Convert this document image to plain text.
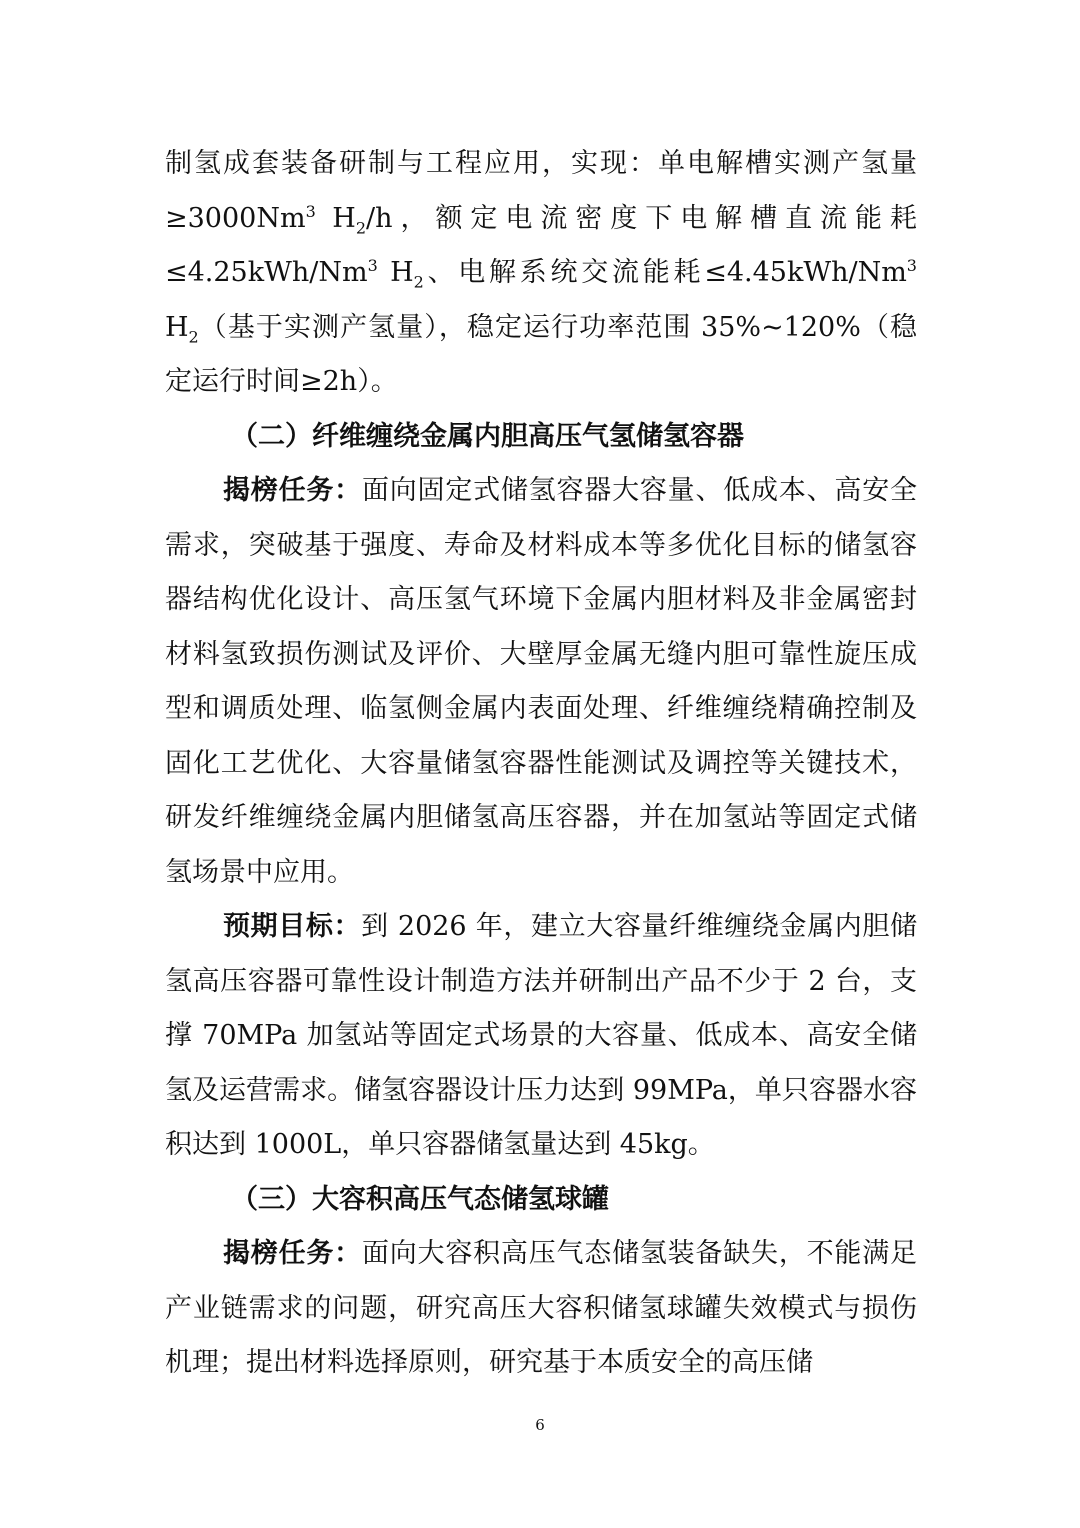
制氢成套装备研制与工程应用，实现：单电解槽实测产氢量$\ge 3000Nm^3$ $H_2/h$，额定电流密度下电解槽直流能耗$\le 4.25kWh/Nm^3$ $H_2$、电解系统交流能耗$\le 4.45kWh/Nm^3$ $H_2$（基于实测产氢量），稳定运行功率范围 35%~120%（稳定运行时间≥2h）。

（二）纤维缠绕金属内胆高压气氢储氢容器

揭榜任务：面向固定式储氢容器大容量、低成本、高安全需求，突破基于强度、寿命及材料成本等多优化目标的储氢容器结构优化设计、高压氢气环境下金属内胆材料及非金属密封材料氢致损伤测试及评价、大壁厚金属无缝内胆可靠性旋压成型和调质处理、临氢侧金属内表面处理、纤维缠绕精确控制及固化工艺优化、大容量储氢容器性能测试及调控等关键技术，研发纤维缠绕金属内胆储氢高压容器，并在加氢站等固定式储氢场景中应用。

预期目标：到 2026 年，建立大容量纤维缠绕金属内胆储氢高压容器可靠性设计制造方法并研制出产品不少于 2 台，支撑 70MPa 加氢站等固定式场景的大容量、低成本、高安全储氢及运营需求。储氢容器设计压力达到 99MPa，单只容器水容积达到 1000L，单只容器储氢量达到 45kg。

（三）大容积高压气态储氢球罐

揭榜任务：面向大容积高压气态储氢装备缺失，不能满足产业链需求的问题，研究高压大容积储氢球罐失效模式与损伤机理；提出材料选择原则，研究基于本质安全的高压储

6
